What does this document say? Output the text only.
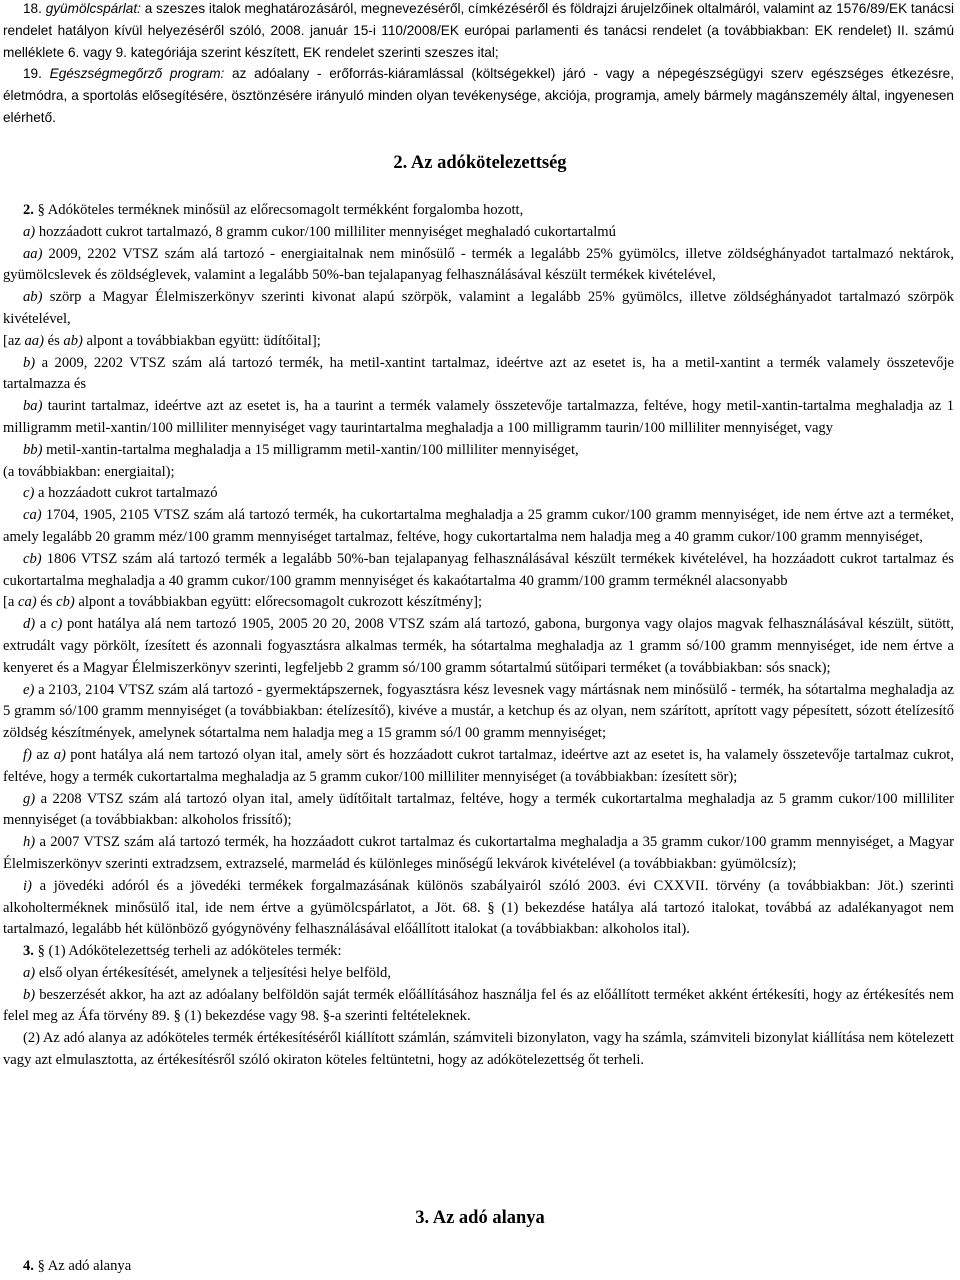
18. gyümölcspárlat: a szeszes italok meghatározásáról, megnevezéséről, címkézéséről és földrajzi árujelzőinek oltalmáról, valamint az 1576/89/EK tanácsi rendelet hatályon kívül helyezéséről szóló, 2008. január 15-i 110/2008/EK európai parlamenti és tanácsi rendelet (a továbbiakban: EK rendelet) II. számú melléklete 6. vagy 9. kategóriája szerint készített, EK rendelet szerinti szeszes ital;

19. Egészségmegőrző program: az adóalany - erőforrás-kiáramlással (költségekkel) járó - vagy a népegészségügyi szerv egészséges étkezésre, életmódra, a sportolás elősegítésére, ösztönzésére irányuló minden olyan tevékenysége, akciója, programja, amely bármely magánszemély által, ingyenesen elérhető.

2. Az adókötelezettség

2. § Adóköteles terméknek minősül az előrecsomagolt termékként forgalomba hozott,

a) hozzáadott cukrot tartalmazó, 8 gramm cukor/100 milliliter mennyiséget meghaladó cukortartalmú

aa) 2009, 2202 VTSZ szám alá tartozó - energiaitalnak nem minősülő - termék a legalább 25% gyümölcs, illetve zöldséghányadot tartalmazó nektárok, gyümölcslevek és zöldséglevek, valamint a legalább 50%-ban tejalapanyag felhasználásával készült termékek kivételével,

ab) szörp a Magyar Élelmiszerkönyv szerinti kivonat alapú szörpök, valamint a legalább 25% gyümölcs, illetve zöldséghányadot tartalmazó szörpök kivételével,

[az aa) és ab) alpont a továbbiakban együtt: üdítőital];

b) a 2009, 2202 VTSZ szám alá tartozó termék, ha metil-xantint tartalmaz, ideértve azt az esetet is, ha a metil-xantint a termék valamely összetevője tartalmazza és

ba) taurint tartalmaz, ideértve azt az esetet is, ha a taurint a termék valamely összetevője tartalmazza, feltéve, hogy metil-xantin-tartalma meghaladja az 1 milligramm metil-xantin/100 milliliter mennyiséget vagy taurintartalma meghaladja a 100 milligramm taurin/100 milliliter mennyiséget, vagy

bb) metil-xantin-tartalma meghaladja a 15 milligramm metil-xantin/100 milliliter mennyiséget,

(a továbbiakban: energiaital);

c) a hozzáadott cukrot tartalmazó

ca) 1704, 1905, 2105 VTSZ szám alá tartozó termék, ha cukortartalma meghaladja a 25 gramm cukor/100 gramm mennyiséget, ide nem értve azt a terméket, amely legalább 20 gramm méz/100 gramm mennyiséget tartalmaz, feltéve, hogy cukortartalma nem haladja meg a 40 gramm cukor/100 gramm mennyiséget,

cb) 1806 VTSZ szám alá tartozó termék a legalább 50%-ban tejalapanyag felhasználásával készült termékek kivételével, ha hozzáadott cukrot tartalmaz és cukortartalma meghaladja a 40 gramm cukor/100 gramm mennyiséget és kakaótartalma 40 gramm/100 gramm terméknél alacsonyabb

[a ca) és cb) alpont a továbbiakban együtt: előrecsomagolt cukrozott készítmény];

d) a c) pont hatálya alá nem tartozó 1905, 2005 20 20, 2008 VTSZ szám alá tartozó, gabona, burgonya vagy olajos magvak felhasználásával készült, sütött, extrudált vagy pörkölt, ízesített és azonnali fogyasztásra alkalmas termék, ha sótartalma meghaladja az 1 gramm só/100 gramm mennyiséget, ide nem értve a kenyeret és a Magyar Élelmiszerkönyv szerinti, legfeljebb 2 gramm só/100 gramm sótartalmú sütőipari terméket (a továbbiakban: sós snack);

e) a 2103, 2104 VTSZ szám alá tartozó - gyermektápszernek, fogyasztásra kész levesnek vagy mártásnak nem minősülő - termék, ha sótartalma meghaladja az 5 gramm só/100 gramm mennyiséget (a továbbiakban: ételízesítő), kivéve a mustár, a ketchup és az olyan, nem szárított, aprított vagy pépesített, sózott ételízesítő zöldség készítmények, amelynek sótartalma nem haladja meg a 15 gramm só/l 00 gramm mennyiséget;

f) az a) pont hatálya alá nem tartozó olyan ital, amely sört és hozzáadott cukrot tartalmaz, ideértve azt az esetet is, ha valamely összetevője tartalmaz cukrot, feltéve, hogy a termék cukortartalma meghaladja az 5 gramm cukor/100 milliliter mennyiséget (a továbbiakban: ízesített sör);

g) a 2208 VTSZ szám alá tartozó olyan ital, amely üdítőitalt tartalmaz, feltéve, hogy a termék cukortartalma meghaladja az 5 gramm cukor/100 milliliter mennyiséget (a továbbiakban: alkoholos frissítő);

h) a 2007 VTSZ szám alá tartozó termék, ha hozzáadott cukrot tartalmaz és cukortartalma meghaladja a 35 gramm cukor/100 gramm mennyiséget, a Magyar Élelmiszerkönyv szerinti extradzsem, extrazselé, marmelád és különleges minőségű lekvárok kivételével (a továbbiakban: gyümölcsíz);

i) a jövedéki adóról és a jövedéki termékek forgalmazásának különös szabályairól szóló 2003. évi CXXVII. törvény (a továbbiakban: Jöt.) szerinti alkoholterméknek minősülő ital, ide nem értve a gyümölcspárlatot, a Jöt. 68. § (1) bekezdése hatálya alá tartozó italokat, továbbá az adalékanyagot nem tartalmazó, legalább hét különböző gyógynövény felhasználásával előállított italokat (a továbbiakban: alkoholos ital).

3. § (1) Adókötelezettség terheli az adóköteles termék:

a) első olyan értékesítését, amelynek a teljesítési helye belföld,

b) beszerzését akkor, ha azt az adóalany belföldön saját termék előállításához használja fel és az előállított terméket akként értékesíti, hogy az értékesítés nem felel meg az Áfa törvény 89. § (1) bekezdése vagy 98. §-a szerinti feltételeknek.

(2) Az adó alanya az adóköteles termék értékesítéséről kiállított számlán, számviteli bizonylaton, vagy ha számla, számviteli bizonylat kiállítása nem kötelezett vagy azt elmulasztotta, az értékesítésről szóló okiraton köteles feltüntetni, hogy az adókötelezettség őt terheli.

3. Az adó alanya

4. § Az adó alanya
